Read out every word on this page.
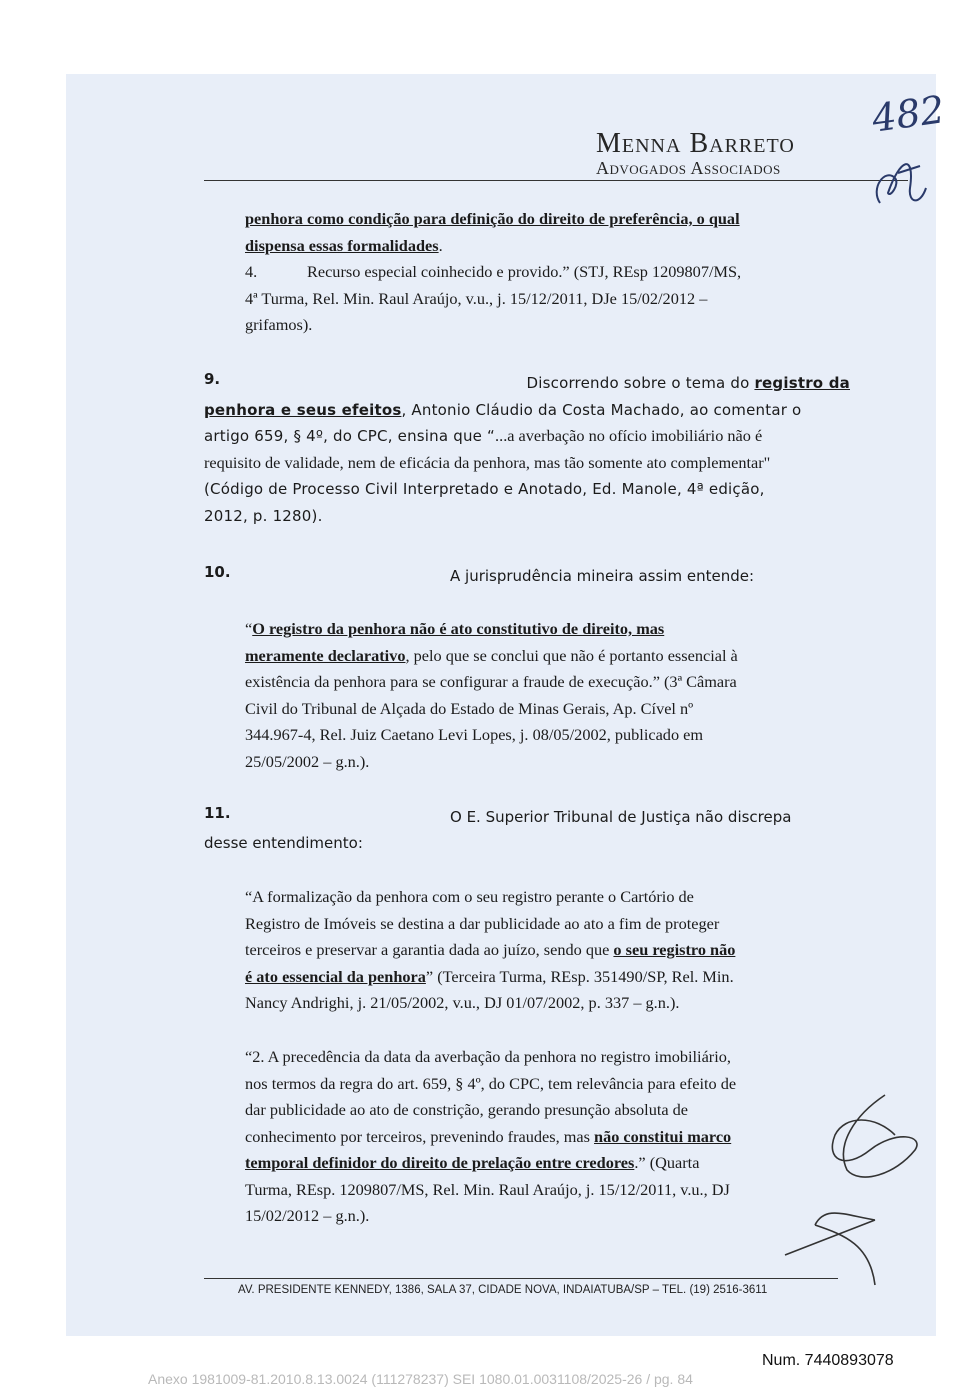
Menna Barreto
Advogados Associados
482
penhora como condição para definição do direito de preferência, o qual
dispensa essas formalidades.
4.	Recurso especial coinhecido e provido.” (STJ, REsp 1209807/MS,
4ª Turma, Rel. Min. Raul Araújo, v.u., j. 15/12/2011, DJe 15/02/2012 –
grifamos).
9.	Discorrendo sobre o tema do registro da
penhora e seus efeitos, Antonio Cláudio da Costa Machado, ao comentar o
artigo 659, § 4º, do CPC, ensina que “...a averbação no ofício imobiliário não é
requisito de validade, nem de eficácia da penhora, mas tão somente ato complementar"
(Código de Processo Civil Interpretado e Anotado, Ed. Manole, 4ª edição,
2012, p. 1280).
10.	A jurisprudência mineira assim entende:
“O registro da penhora não é ato constitutivo de direito, mas
meramente declarativo, pelo que se conclui que não é portanto essencial à
existência da penhora para se configurar a fraude de execução.” (3ª Câmara
Civil do Tribunal de Alçada do Estado de Minas Gerais, Ap. Cível nº
344.967-4, Rel. Juiz Caetano Levi Lopes, j. 08/05/2002, publicado em
25/05/2002 – g.n.).
11.	O E. Superior Tribunal de Justiça não discrepa
desse entendimento:
“A formalização da penhora com o seu registro perante o Cartório de
Registro de Imóveis se destina a dar publicidade ao ato a fim de proteger
terceiros e preservar a garantia dada ao juízo, sendo que o seu registro não
é ato essencial da penhora” (Terceira Turma, REsp. 351490/SP, Rel. Min.
Nancy Andrighi, j. 21/05/2002, v.u., DJ 01/07/2002, p. 337 – g.n.).
“2. A precedência da data da averbação da penhora no registro imobiliário,
nos termos da regra do art. 659, § 4º, do CPC, tem relevância para efeito de
dar publicidade ao ato de constrição, gerando presunção absoluta de
conhecimento por terceiros, prevenindo fraudes, mas não constitui marco
temporal definidor do direito de prelação entre credores.” (Quarta
Turma, REsp. 1209807/MS, Rel. Min. Raul Araújo, j. 15/12/2011, v.u., DJ
15/02/2012 – g.n.).
AV. PRESIDENTE KENNEDY, 1386, SALA 37, CIDADE NOVA, INDAIATUBA/SP – TEL. (19) 2516-3611
Num. 7440893078
Anexo 1981009-81.2010.8.13.0024 (111278237) SEI 1080.01.0031108/2025-26 / pg. 84
